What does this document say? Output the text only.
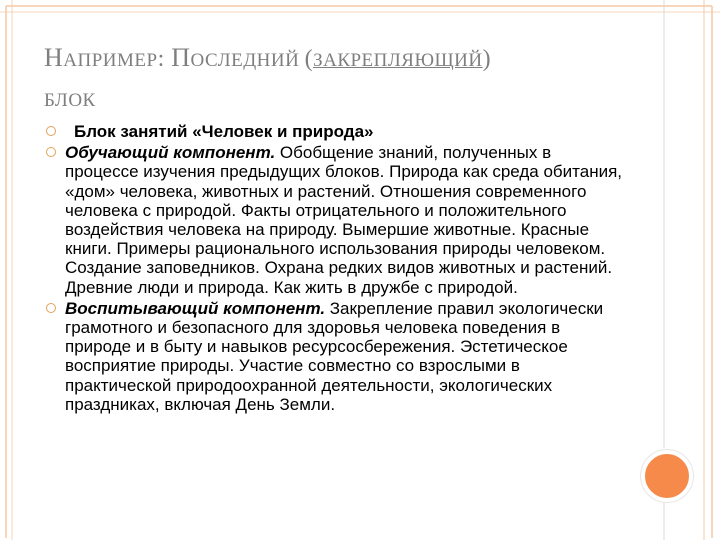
НАПРИМЕР: ПОСЛЕДНИЙ (ЗАКРЕПЛЯЮЩИЙ)
БЛОК
Блок занятий «Человек и природа»
Обучающий компонент. Обобщение знаний, полученных в процессе изучения предыдущих блоков. Природа как среда обитания, «дом» человека, животных и растений. Отношения современного человека с природой. Факты отрицательного и положительного воздействия человека на природу. Вымершие животные. Красные книги. Примеры рационального использования природы человеком. Создание заповедников. Охрана редких видов животных и растений. Древние люди и природа. Как жить в дружбе с природой.
Воспитывающий компонент. Закрепление правил экологически грамотного и безопасного для здоровья человека поведения в природе и в быту и навыков ресурсосбережения. Эстетическое восприятие природы. Участие совместно со взрослыми в практической природоохранной деятельности, экологических праздниках, включая День Земли.
